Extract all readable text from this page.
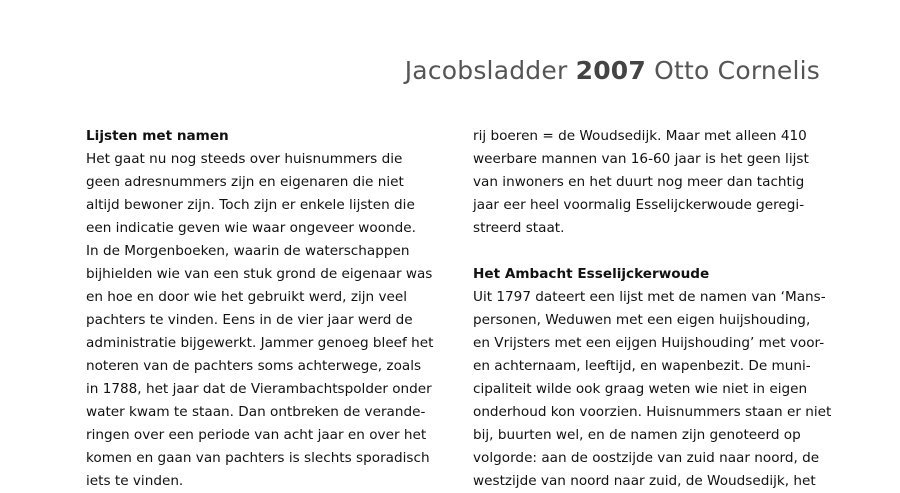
Jacobsladder 2007 Otto Cornelis
Lijsten met namen
Het gaat nu nog steeds over huisnummers die
geen adresnummers zijn en eigenaren die niet
altijd bewoner zijn. Toch zijn er enkele lijsten die
een indicatie geven wie waar ongeveer woonde.
In de Morgenboeken, waarin de waterschappen
bijhielden wie van een stuk grond de eigenaar was
en hoe en door wie het gebruikt werd, zijn veel
pachters te vinden. Eens in de vier jaar werd de
administratie bijgewerkt. Jammer genoeg bleef het
noteren van de pachters soms achterwege, zoals
in 1788, het jaar dat de Vierambachtspolder onder
water kwam te staan. Dan ontbreken de verande-
ringen over een periode van acht jaar en over het
komen en gaan van pachters is slechts sporadisch
iets te vinden.
rij boeren = de Woudsedijk. Maar met alleen 410
weerbare mannen van 16-60 jaar is het geen lijst
van inwoners en het duurt nog meer dan tachtig
jaar eer heel voormalig Esselijckerwoude geregi-
streerd staat.
Het Ambacht Esselijckerwoude
Uit 1797 dateert een lijst met de namen van ‘Mans-
personen, Weduwen met een eigen huijshouding,
en Vrijsters met een eijgen Huijshouding’ met voor-
en achternaam, leeftijd, en wapenbezit. De muni-
cipaliteit wilde ook graag weten wie niet in eigen
onderhoud kon voorzien. Huisnummers staan er niet
bij, buurten wel, en de namen zijn genoteerd op
volgorde: aan de oostzijde van zuid naar noord, de
westzijde van noord naar zuid, de Woudsedijk, het
